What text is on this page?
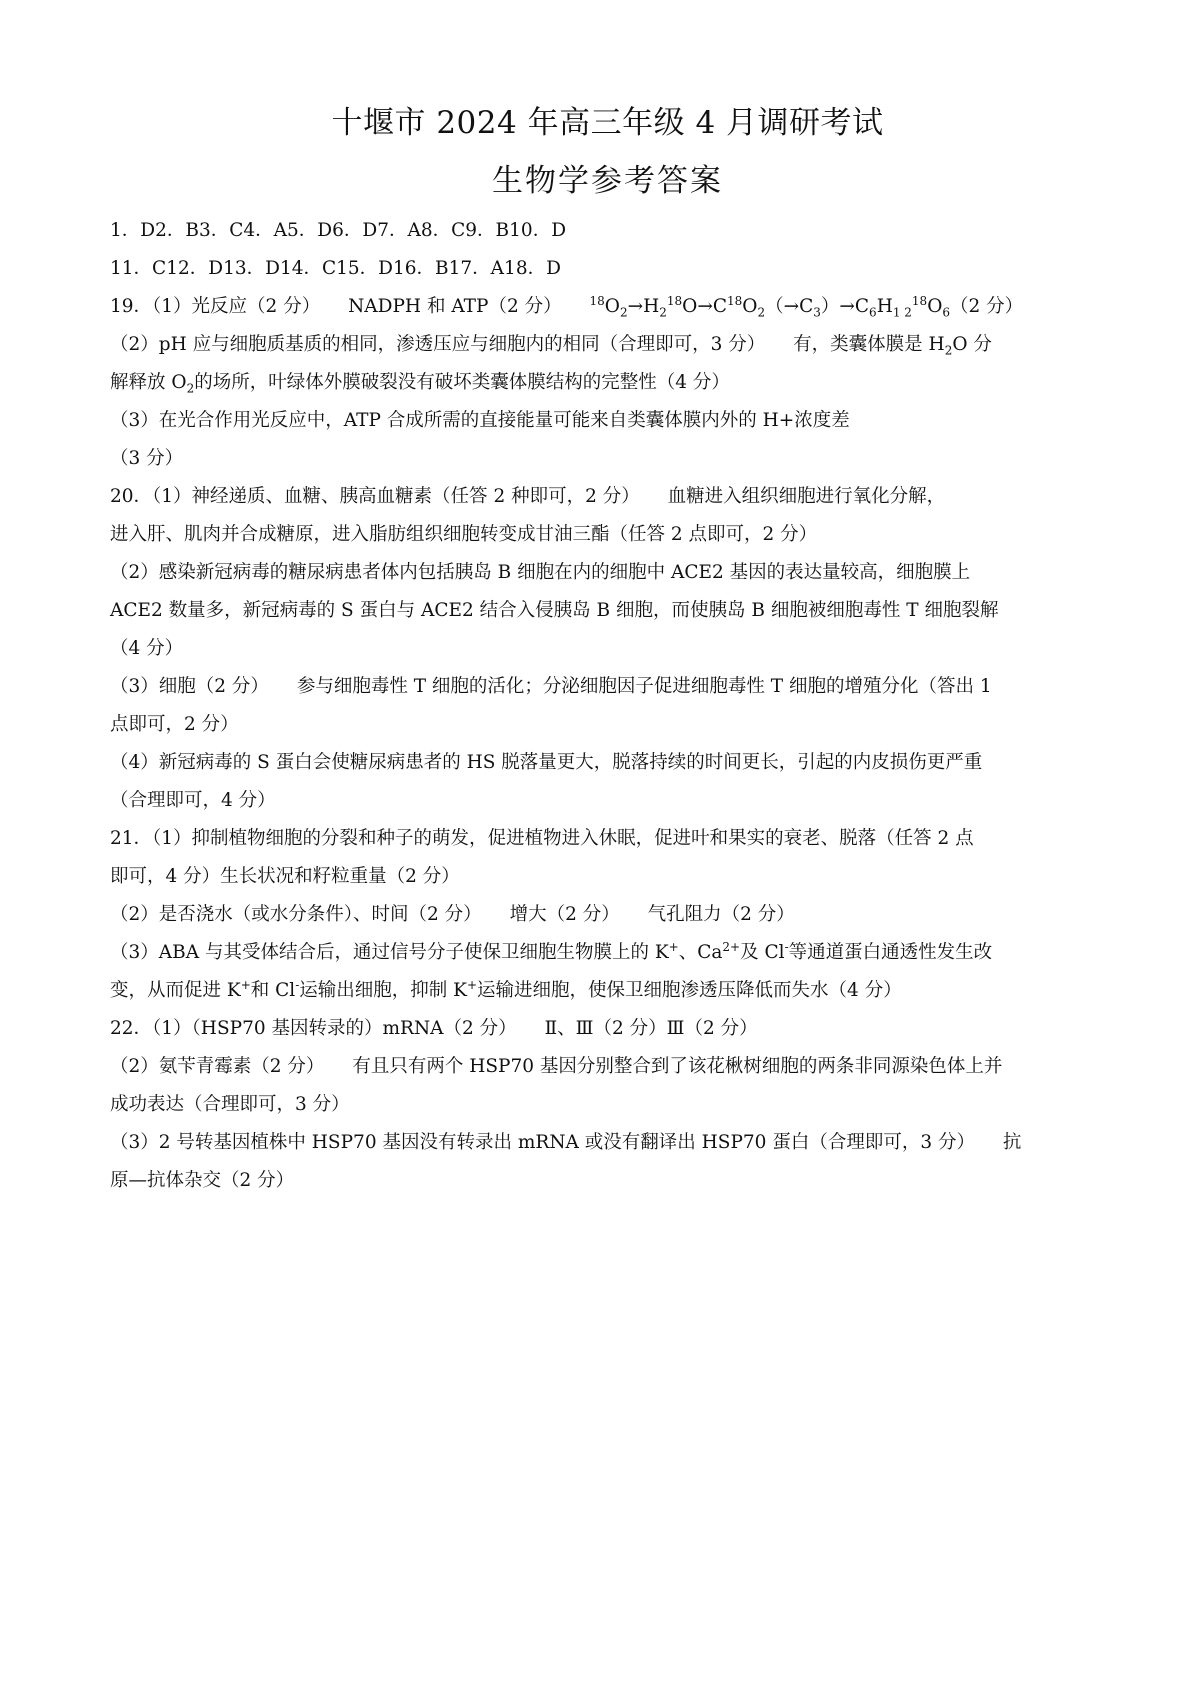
十堰市 2024 年高三年级 4 月调研考试
生物学参考答案

1．D2．B3．C4．A5．D6．D7．A8．C9．B10．D

11．C12．D13．D14．C15．D16．B17．A18．D

19．（1）光反应（2 分） NADPH 和 ATP（2 分） $^{18}O_2\to H_2^{18}O\to C^{18}O_2(\to C_3)\to C_6H_{1 2}^{18}O_6(2$ 分）

（2）pH 应与细胞质基质的相同，渗透压应与细胞内的相同（合理即可，3 分） 有，类囊体膜是 $H_2O$ 分

解释放 $O_2$的场所，叶绿体外膜破裂没有破坏类囊体膜结构的完整性（4 分）

（3）在光合作用光反应中，ATP 合成所需的直接能量可能来自类囊体膜内外的 H+浓度差

（3 分）

20．（1）神经递质、血糖、胰高血糖素（任答 2 种即可，2 分） 血糖进入组织细胞进行氧化分解，

进入肝、肌肉并合成糖原，进入脂肪组织细胞转变成甘油三酯（任答 2 点即可，2 分）

（2）感染新冠病毒的糖尿病患者体内包括胰岛 B 细胞在内的细胞中 ACE2 基因的表达量较高，细胞膜上

ACE2 数量多，新冠病毒的 S 蛋白与 ACE2 结合入侵胰岛 B 细胞，而使胰岛 B 细胞被细胞毒性 T 细胞裂解

（4 分）

（3）细胞（2 分） 参与细胞毒性 T 细胞的活化；分泌细胞因子促进细胞毒性 T 细胞的增殖分化（答出 1

点即可，2 分）

（4）新冠病毒的 S 蛋白会使糖尿病患者的 HS 脱落量更大，脱落持续的时间更长，引起的内皮损伤更严重

（合理即可，4 分）

21．（1）抑制植物细胞的分裂和种子的萌发，促进植物进入休眠，促进叶和果实的衰老、脱落（任答 2 点

即可，4 分）生长状况和籽粒重量（2 分）

（2）是否浇水（或水分条件）、时间（2 分） 增大（2 分） 气孔阻力（2 分）

（3）ABA 与其受体结合后，通过信号分子使保卫细胞生物膜上的 K+、$Ca^{2+}$及 Cl-等通道蛋白通透性发生改

变，从而促进 K+和 Cl-运输出细胞，抑制 K+运输进细胞，使保卫细胞渗透压降低而失水（4 分）

22．（1）（HSP70 基因转录的）mRNA（2 分） Ⅱ、Ⅲ（2 分）Ⅲ（2 分）

（2）氨苄青霉素（2 分） 有且只有两个 HSP70 基因分别整合到了该花楸树细胞的两条非同源染色体上并

成功表达（合理即可，3 分）

（3）2 号转基因植株中 HSP70 基因没有转录出 mRNA 或没有翻译出 HSP70 蛋白（合理即可，3 分） 抗

原—抗体杂交（2 分）
